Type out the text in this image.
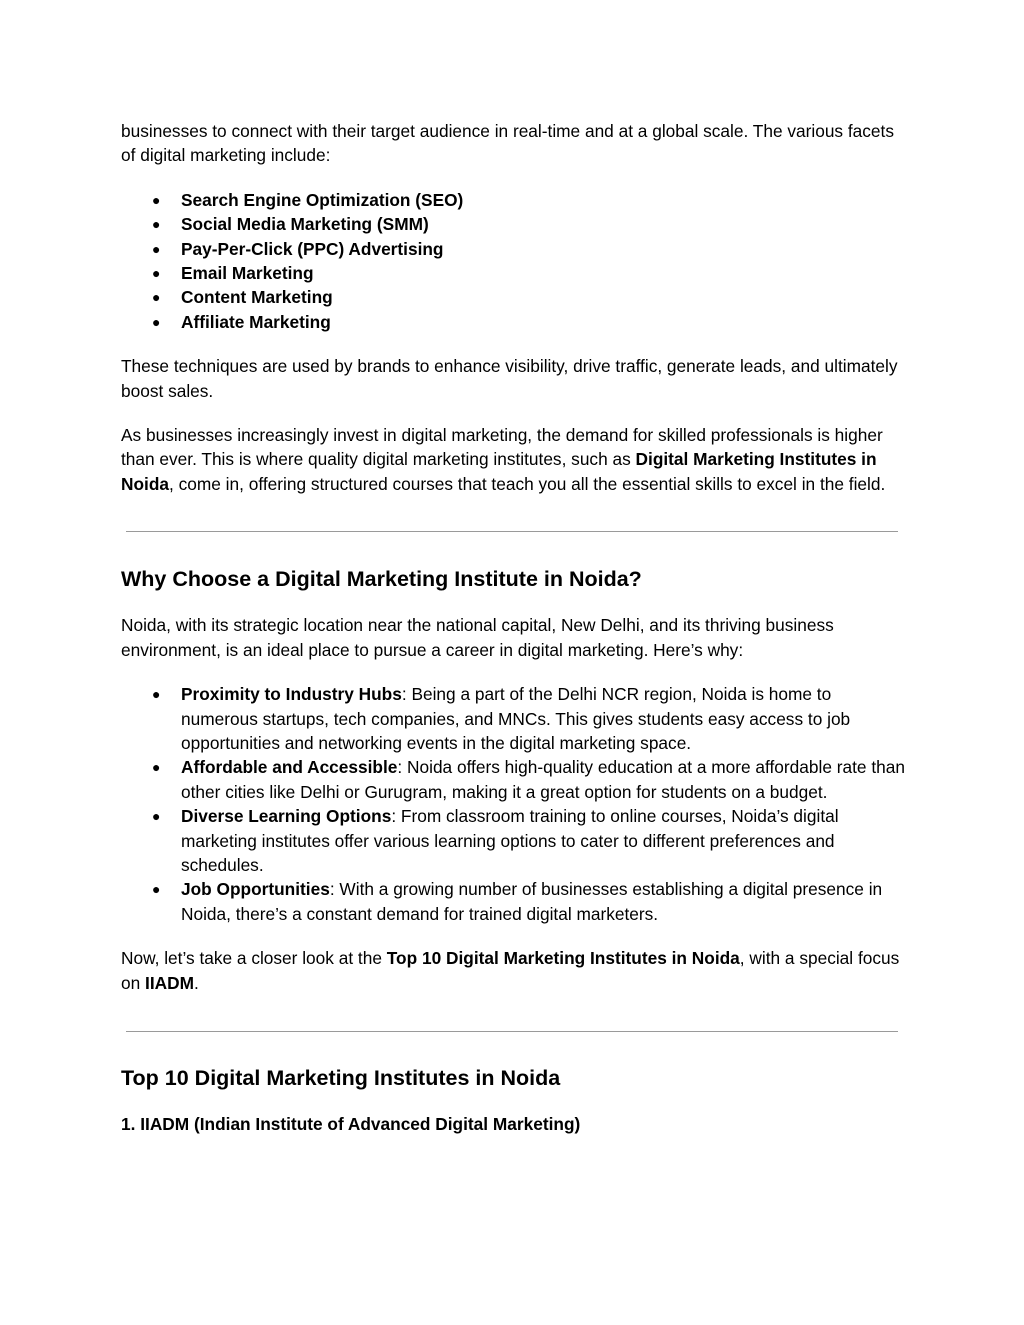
businesses to connect with their target audience in real-time and at a global scale. The various facets of digital marketing include:

● Search Engine Optimization (SEO)
● Social Media Marketing (SMM)
● Pay-Per-Click (PPC) Advertising
● Email Marketing
● Content Marketing
● Affiliate Marketing

These techniques are used by brands to enhance visibility, drive traffic, generate leads, and ultimately boost sales.

As businesses increasingly invest in digital marketing, the demand for skilled professionals is higher than ever. This is where quality digital marketing institutes, such as Digital Marketing Institutes in Noida, come in, offering structured courses that teach you all the essential skills to excel in the field.

Why Choose a Digital Marketing Institute in Noida?

Noida, with its strategic location near the national capital, New Delhi, and its thriving business environment, is an ideal place to pursue a career in digital marketing. Here’s why:

● Proximity to Industry Hubs: Being a part of the Delhi NCR region, Noida is home to numerous startups, tech companies, and MNCs. This gives students easy access to job opportunities and networking events in the digital marketing space.
● Affordable and Accessible: Noida offers high-quality education at a more affordable rate than other cities like Delhi or Gurugram, making it a great option for students on a budget.
● Diverse Learning Options: From classroom training to online courses, Noida’s digital marketing institutes offer various learning options to cater to different preferences and schedules.
● Job Opportunities: With a growing number of businesses establishing a digital presence in Noida, there’s a constant demand for trained digital marketers.

Now, let’s take a closer look at the Top 10 Digital Marketing Institutes in Noida, with a special focus on IIADM.

Top 10 Digital Marketing Institutes in Noida
1. IIADM (Indian Institute of Advanced Digital Marketing)
